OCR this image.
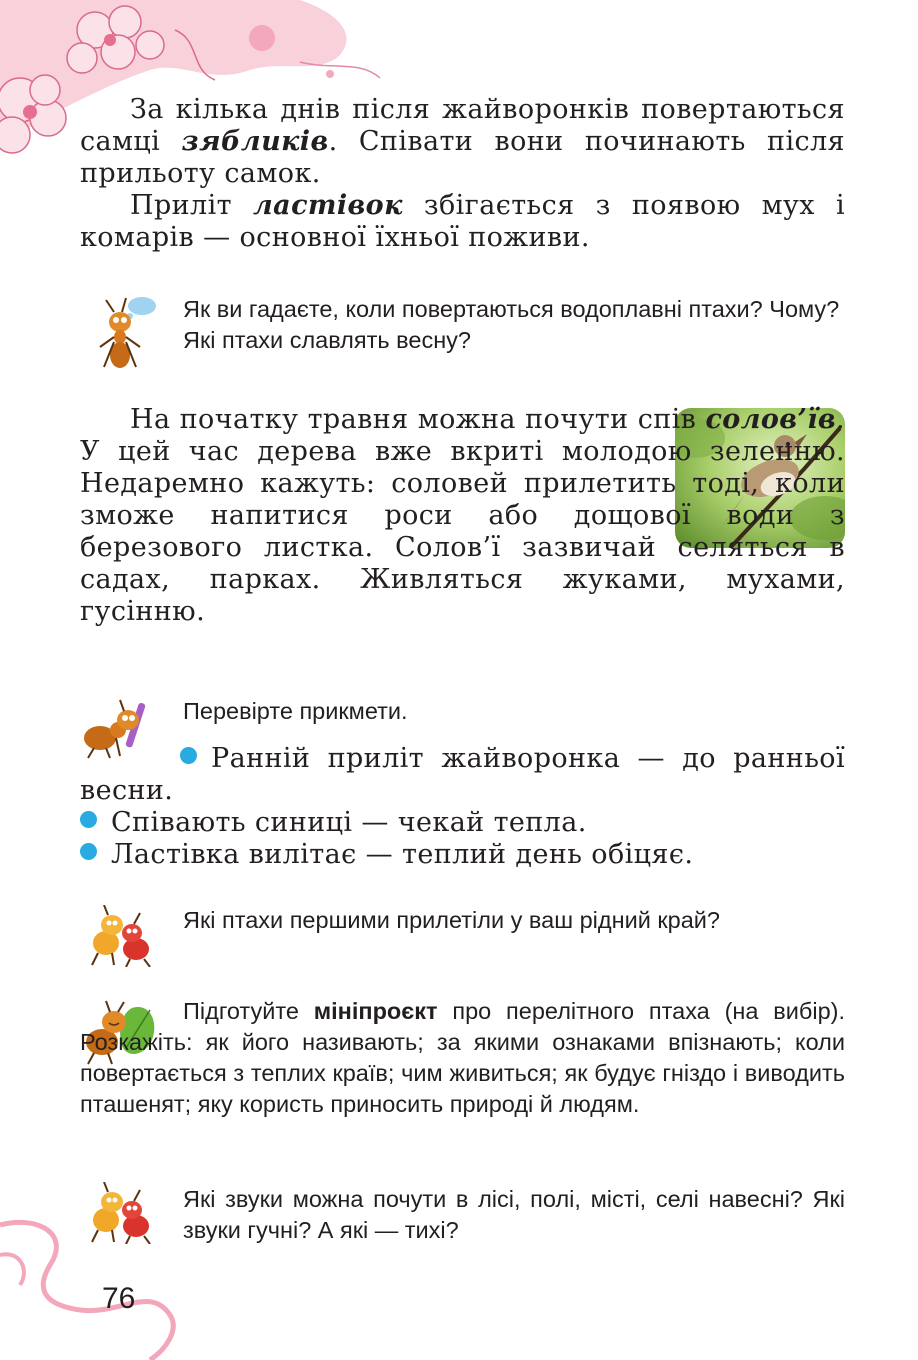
За кілька днів після жайворонків повертаються самці зябликів. Співати вони починають після прильоту самок.

Приліт ластівок збігається з появою мух і комарів — основної їхньої поживи.

Як ви гадаєте, коли повертаються водоплавні птахи? Чому?

Які птахи славлять весну?

На початку травня можна почути спів солов’їв. У цей час дерева вже вкриті молодою зеленню. Недаремно кажуть: соловей прилетить тоді, коли зможе напитися роси або дощової води з березового листка. Солов’ї зазвичай селяться в садах, парках. Живляться жуками, мухами, гусінню.

Перевірте прикмети.

Ранній приліт жайворонка — до ранньої весни.

Співають синиці — чекай тепла.

Ластівка вилітає — теплий день обіцяє.

Які птахи першими прилетіли у ваш рідний край?

Підготуйте мініпроєкт про перелітного птаха (на вибір). Розкажіть: як його називають; за якими ознаками впізнають; коли повертається з теплих країв; чим живиться; як будує гніздо і виводить пташенят; яку користь приносить природі й людям.

Які звуки можна почути в лісі, полі, місті, селі навесні? Які звуки гучні? А які — тихі?
76
